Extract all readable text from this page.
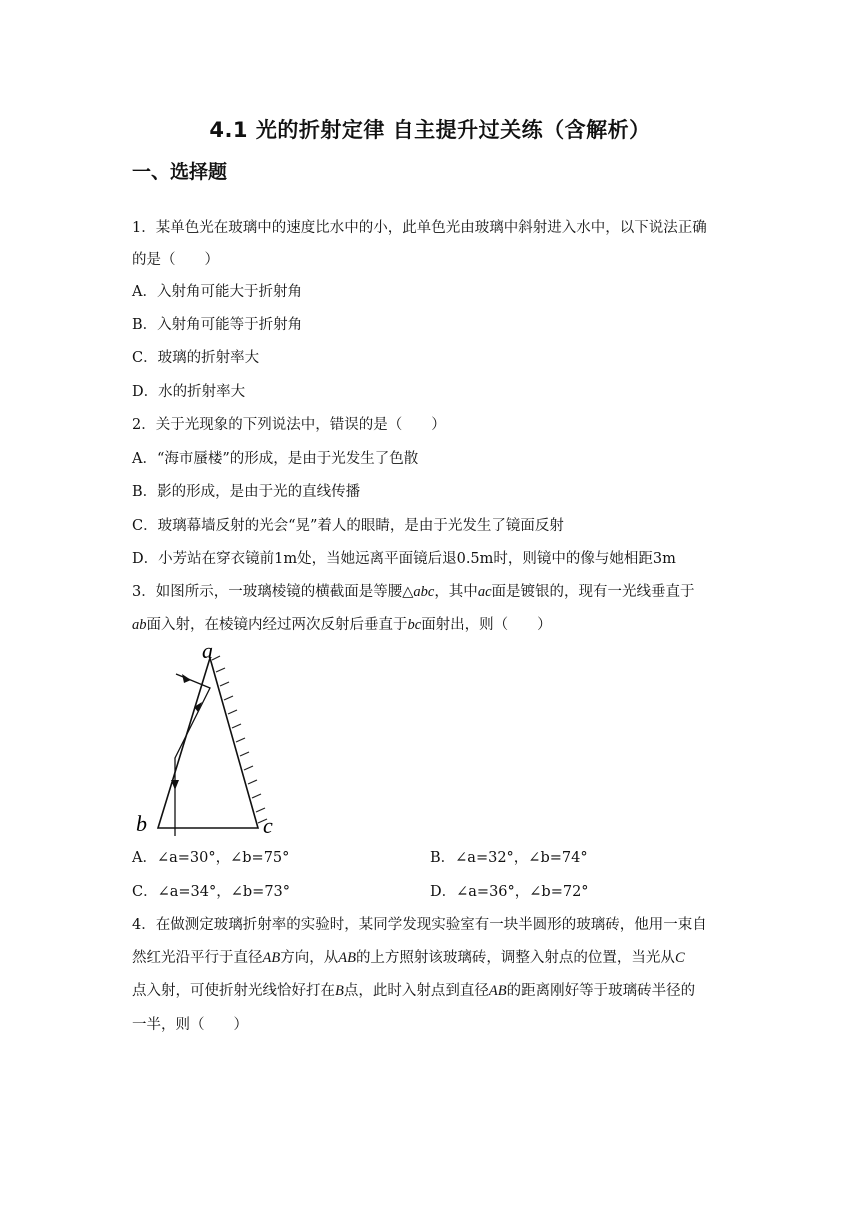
4.1 光的折射定律 自主提升过关练（含解析）
一、选择题
1．某单色光在玻璃中的速度比水中的小，此单色光由玻璃中斜射进入水中，以下说法正确
的是（　　）
A．入射角可能大于折射角
B．入射角可能等于折射角
C．玻璃的折射率大
D．水的折射率大
2．关于光现象的下列说法中，错误的是（　　）
A．“海市蜃楼”的形成，是由于光发生了色散
B．影的形成，是由于光的直线传播
C．玻璃幕墙反射的光会“晃”着人的眼睛，是由于光发生了镜面反射
D．小芳站在穿衣镜前1m处，当她远离平面镜后退0.5m时，则镜中的像与她相距3m
3．如图所示，一玻璃棱镜的横截面是等腰△abc，其中ac面是镀银的，现有一光线垂直于
ab面入射，在棱镜内经过两次反射后垂直于bc面射出，则（　　）
a
b	c
A．∠a=30°，∠b=75°	B．∠a=32°，∠b=74°
C．∠a=34°，∠b=73°	D．∠a=36°，∠b=72°
4．在做测定玻璃折射率的实验时，某同学发现实验室有一块半圆形的玻璃砖，他用一束自
然红光沿平行于直径AB方向，从AB的上方照射该玻璃砖，调整入射点的位置，当光从C
点入射，可使折射光线恰好打在B点，此时入射点到直径AB的距离刚好等于玻璃砖半径的
一半，则（　　）
